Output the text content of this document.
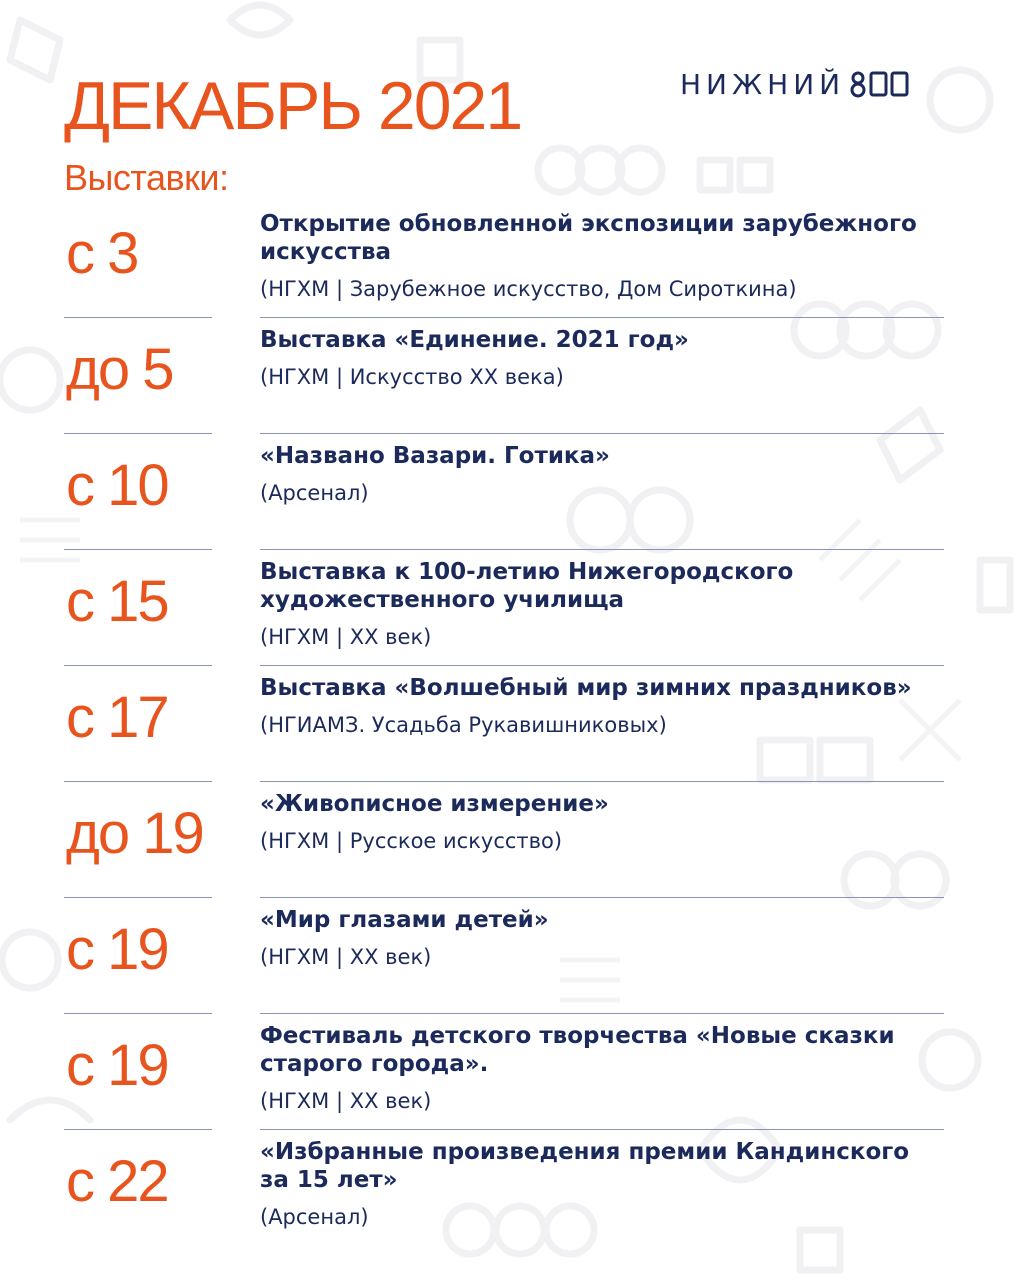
ДЕКАБРЬ 2021	НИЖНИЙ
Выставки:
с 3	Открытие обновленной экспозиции зарубежного искусства
(НГХМ | Зарубежное искусство, Дом Сироткина)
до 5	Выставка «Единение. 2021 год»
(НГХМ | Искусство ХХ века)
с 10	«Названо Вазари. Готика»
(Арсенал)
с 15	Выставка к 100-летию Нижегородского художественного училища
(НГХМ | ХХ век)
с 17	Выставка «Волшебный мир зимних праздников»
(НГИАМЗ. Усадьба Рукавишниковых)
до 19 «Живописное измерение»
(НГХМ | Русское искусство)
с 19	«Мир глазами детей»
(НГХМ | ХХ век)
с 19	Фестиваль детского творчества «Новые сказки старого города».
(НГХМ | ХХ век)
с 22	«Избранные произведения премии Кандинского за 15 лет»
(Арсенал)
